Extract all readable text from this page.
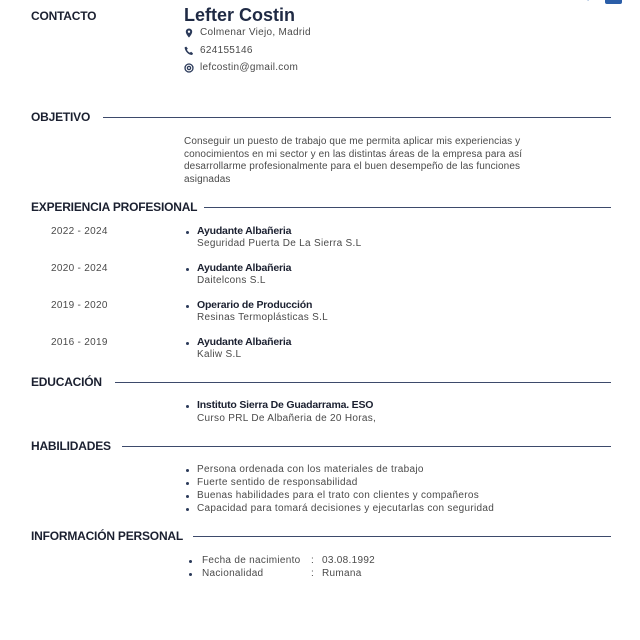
CONTACTO	Lefter Costin
Colmenar Viejo, Madrid
624155146
lefcostin@gmail.com
OBJETIVO
Conseguir un puesto de trabajo que me permita aplicar mis experiencias y conocimientos en mi sector y en las distintas áreas de la empresa para así desarrollarme profesionalmente para el buen desempeño de las funciones asignadas
EXPERIENCIA PROFESIONAL
2022 - 2024	Ayudante Albañeria
Seguridad Puerta De La Sierra S.L
2020 - 2024	Ayudante Albañeria
Daitelcons S.L
2019 - 2020	Operario de Producción
Resinas Termoplásticas S.L
2016 - 2019	Ayudante Albañeria
Kaliw S.L
EDUCACIÓN
Instituto Sierra De Guadarrama. ESO
Curso PRL De Albañeria de 20 Horas,
HABILIDADES
Persona ordenada con los materiales de trabajo
Fuerte sentido de responsabilidad
Buenas habilidades para el trato con clientes y compañeros
Capacidad para tomará decisiones y ejecutarlas con seguridad
INFORMACIÓN PERSONAL
Fecha de nacimiento : 03.08.1992
Nacionalidad	: Rumana
